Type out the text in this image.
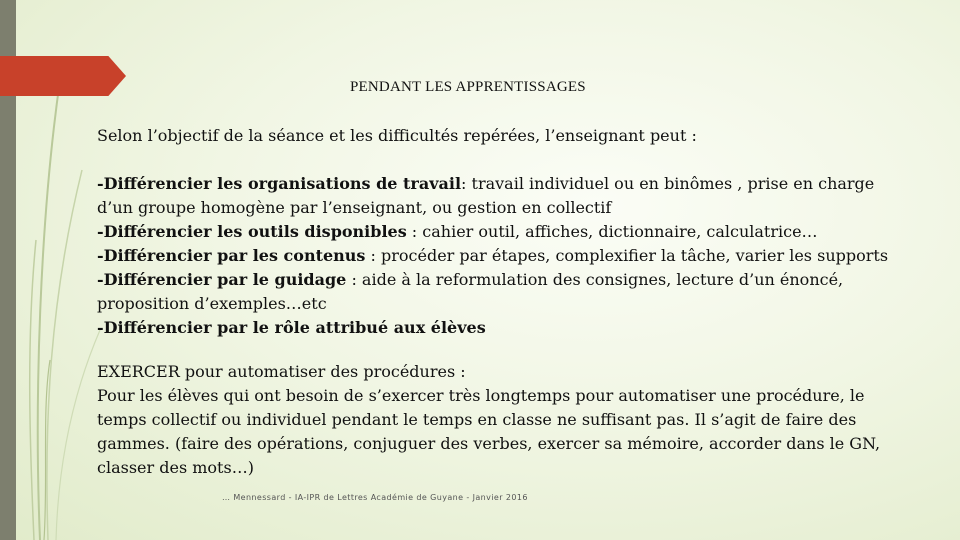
PENDANT LES APPRENTISSAGES

Selon l’objectif de la séance et les difficultés repérées, l’enseignant peut :

-Différencier les organisations de travail: travail individuel ou en binômes , prise en charge d’un groupe homogène par l’enseignant, ou gestion en collectif

-Différencier les outils disponibles : cahier outil, affiches, dictionnaire, calculatrice…

-Différencier par les contenus : procéder par étapes, complexifier la tâche, varier les supports

-Différencier par le guidage : aide à la reformulation des consignes, lecture d’un énoncé, proposition d’exemples…etc

-Différencier par le rôle attribué aux élèves

EXERCER pour automatiser des procédures :

Pour les élèves qui ont besoin de s’exercer très longtemps pour automatiser une procédure, le temps collectif ou individuel pendant le temps en classe ne suffisant pas. Il s’agit de faire des gammes. (faire des opérations, conjuguer des verbes, exercer sa mémoire, accorder dans le GN, classer des mots…)

… Mennessard - IA-IPR de Lettres Académie de Guyane - Janvier 2016
